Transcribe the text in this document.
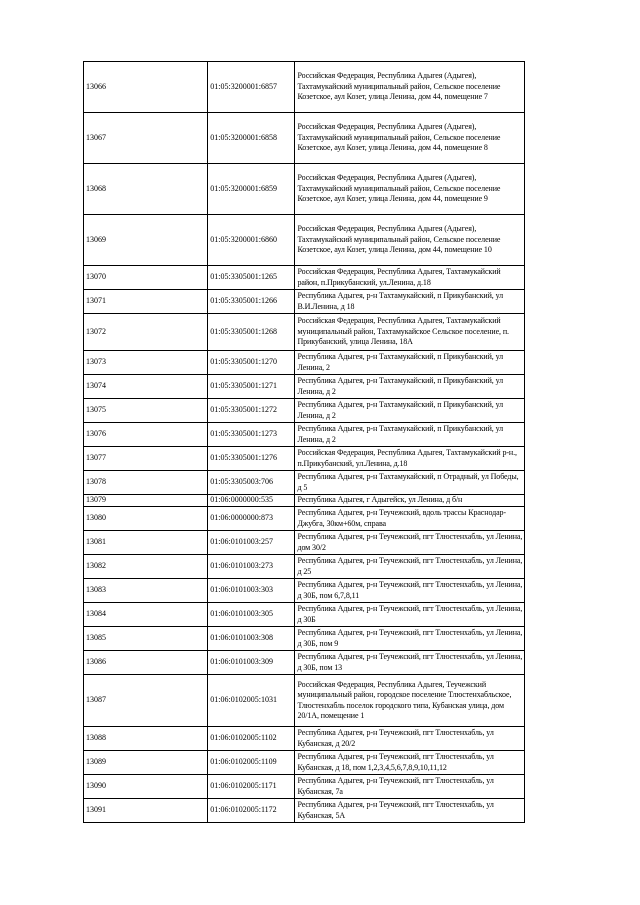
13066	01:05:3200001:6857	Российская Федерация, Республика Адыгея (Адыгея), Тахтамукайский муниципальный район, Сельское поселение Козетское, аул Козет, улица Ленина, дом 44, помещение 7
13067	01:05:3200001:6858	Российская Федерация, Республика Адыгея (Адыгея), Тахтамукайский муниципальный район, Сельское поселение Козетское, аул Козет, улица Ленина, дом 44, помещение 8
13068	01:05:3200001:6859	Российская Федерация, Республика Адыгея (Адыгея), Тахтамукайский муниципальный район, Сельское поселение Козетское, аул Козет, улица Ленина, дом 44, помещение 9
13069	01:05:3200001:6860	Российская Федерация, Республика Адыгея (Адыгея), Тахтамукайский муниципальный район, Сельское поселение Козетское, аул Козет, улица Ленина, дом 44, помещение 10
13070	01:05:3305001:1265	Российская Федерация, Республика Адыгея, Тахтамукайский район, п.Прикубанский, ул.Ленина, д.18
13071	01:05:3305001:1266	Республика Адыгея, р-н Тахтамукайский, п Прикубанский, ул В.И.Ленина, д 18
13072	01:05:3305001:1268	Российская Федерация, Республика Адыгея, Тахтамукайский муниципальный район, Тахтамукайское Сельское поселение, п. Прикубанский, улица Ленина, 18А
13073	01:05:3305001:1270	Республика Адыгея, р-н Тахтамукайский, п Прикубанский, ул Ленина, 2
13074	01:05:3305001:1271	Республика Адыгея, р-н Тахтамукайский, п Прикубанский, ул Ленина, д 2
13075	01:05:3305001:1272	Республика Адыгея, р-н Тахтамукайский, п Прикубанский, ул Ленина, д 2
13076	01:05:3305001:1273	Республика Адыгея, р-н Тахтамукайский, п Прикубанский, ул Ленина, д 2
13077	01:05:3305001:1276	Российская Федерация, Республика Адыгея, Тахтамукайский р-н., п.Прикубанский, ул.Ленина, д.18
13078	01:05:3305003:706	Республика Адыгея, р-н Тахтамукайский, п Отрадный, ул Победы, д 5
13079	01:06:0000000:535	Республика Адыгея, г Адыгейск, ул Ленина, д б/н
13080	01:06:0000000:873	Республика Адыгея, р-н Теучежский, вдоль трассы Краснодар-Джубга, 30км+60м, справа
13081	01:06:0101003:257	Республика Адыгея, р-н Теучежский, пгт Тлюстенхабль, ул Ленина, дом 30/2
13082	01:06:0101003:273	Республика Адыгея, р-н Теучежский, пгт Тлюстенхабль, ул Ленина, д 25
13083	01:06:0101003:303	Республика Адыгея, р-н Теучежский, пгт Тлюстенхабль, ул Ленина, д 30Б, пом 6,7,8,11
13084	01:06:0101003:305	Республика Адыгея, р-н Теучежский, пгт Тлюстенхабль, ул Ленина, д 30Б
13085	01:06:0101003:308	Республика Адыгея, р-н Теучежский, пгт Тлюстенхабль, ул Ленина, д 30Б, пом 9
13086	01:06:0101003:309	Республика Адыгея, р-н Теучежский, пгт Тлюстенхабль, ул Ленина, д 30Б, пом 13
13087	01:06:0102005:1031	Российская Федерация, Республика Адыгея, Теучежский муниципальный район, городское поселение Тлюстенхабльское, Тлюстенхабль поселок городского типа, Кубанская улица, дом 20/1А, помещение 1
13088	01:06:0102005:1102	Республика Адыгея, р-н Теучежский, пгт Тлюстенхабль, ул Кубанская, д 20/2
13089	01:06:0102005:1109	Республика Адыгея, р-н Теучежский, пгт Тлюстенхабль, ул Кубанская, д 18, пом 1,2,3,4,5,6,7,8,9,10,11,12
13090	01:06:0102005:1171	Республика Адыгея, р-н Теучежский, пгт Тлюстенхабль, ул Кубанская, 7а
13091	01:06:0102005:1172	Республика Адыгея, р-н Теучежский, пгт Тлюстенхабль, ул Кубанская, 5А
